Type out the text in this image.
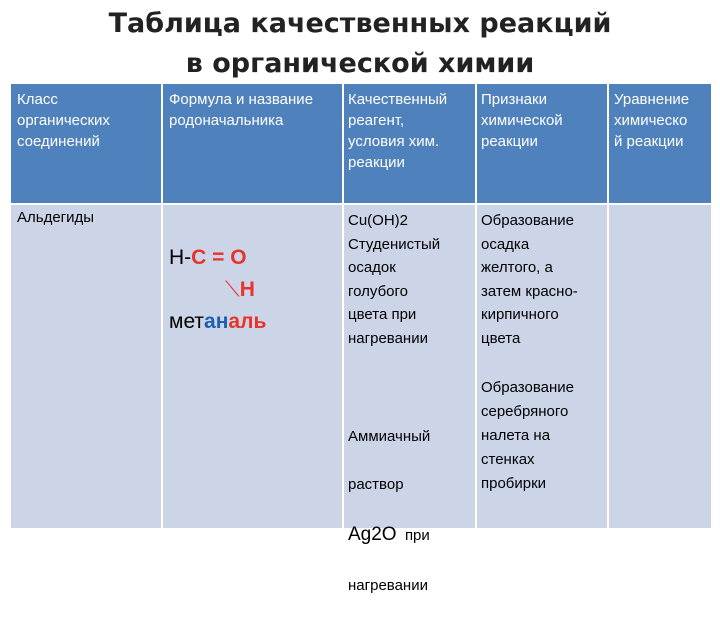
Таблица качественных реакций
в органической химии
Класс
органических
соединений
Формула и название
родоначальника
Качественный
реагент,
условия хим.
реакции
Признаки
химической
реакции
Уравнение
химическо
й реакции
Альдегиды
H-C = O
⟍H
метаналь
Cu(OH)2
Студенистый
осадок
голубого
цвета при
нагревании
Образование
осадка
желтого, а
затем красно-
кирпичного
цвета

Аммиачный

раствор

Ag2O при

нагревании

Образование
серебряного
налета на
стенках
пробирки
